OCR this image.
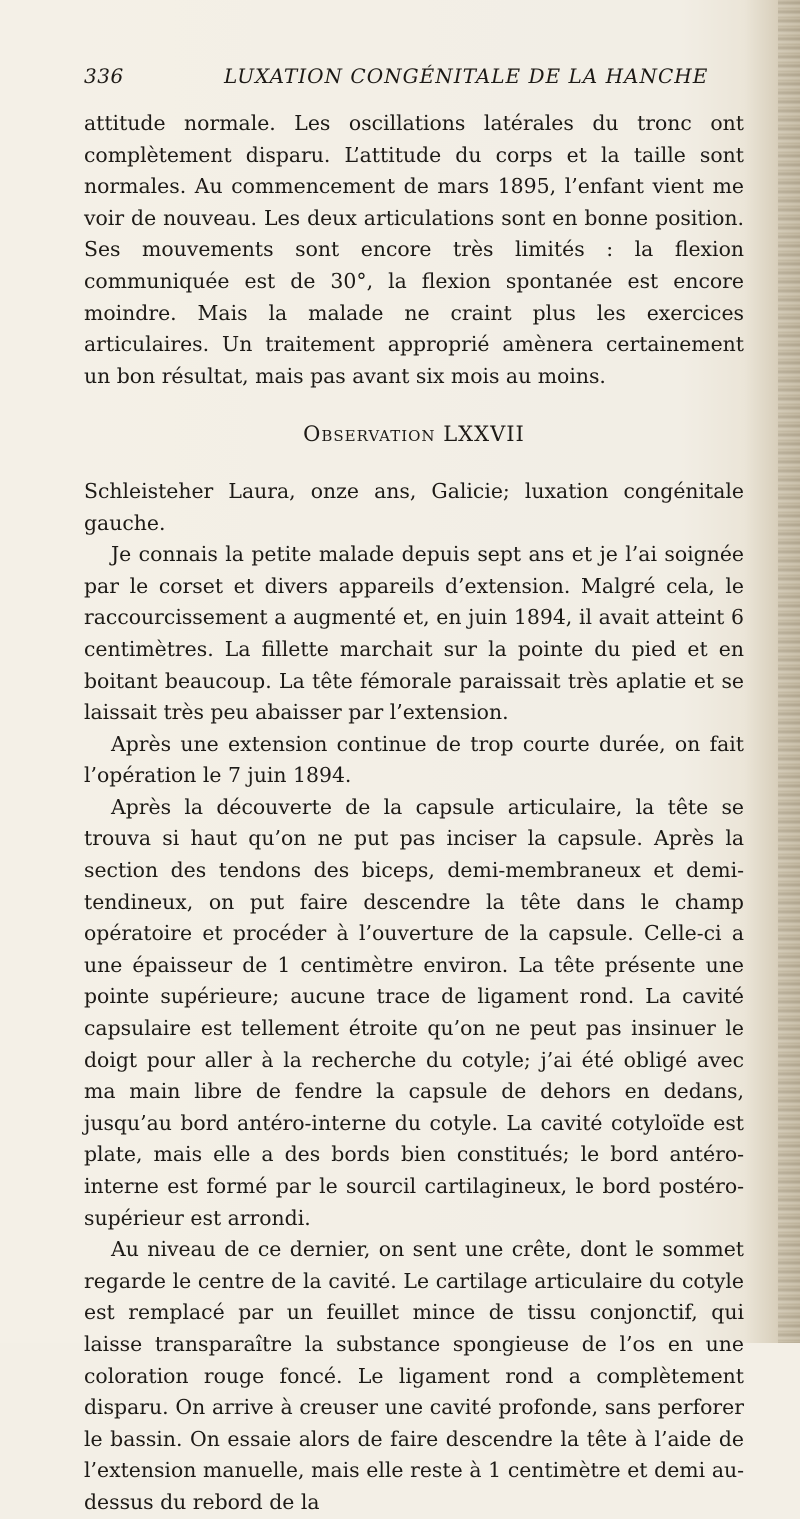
336	LUXATION CONGÉNITALE DE LA HANCHE

attitude normale. Les oscillations latérales du tronc ont complètement disparu. L’attitude du corps et la taille sont normales. Au commencement de mars 1895, l’enfant vient me voir de nouveau. Les deux articulations sont en bonne position. Ses mouvements sont encore très limités : la flexion communiquée est de 30°, la flexion spontanée est encore moindre. Mais la malade ne craint plus les exercices articulaires. Un traitement approprié amènera certainement un bon résultat, mais pas avant six mois au moins.

Observation LXXVII

Schleisteher Laura, onze ans, Galicie; luxation congénitale gauche.

Je connais la petite malade depuis sept ans et je l’ai soignée par le corset et divers appareils d’extension. Malgré cela, le raccourcissement a augmenté et, en juin 1894, il avait atteint 6 centimètres. La fillette marchait sur la pointe du pied et en boitant beaucoup. La tête fémorale paraissait très aplatie et se laissait très peu abaisser par l’extension.

Après une extension continue de trop courte durée, on fait l’opération le 7 juin 1894.

Après la découverte de la capsule articulaire, la tête se trouva si haut qu’on ne put pas inciser la capsule. Après la section des tendons des biceps, demi-membraneux et demi-tendineux, on put faire descendre la tête dans le champ opératoire et procéder à l’ouverture de la capsule. Celle-ci a une épaisseur de 1 centimètre environ. La tête présente une pointe supérieure; aucune trace de ligament rond. La cavité capsulaire est tellement étroite qu’on ne peut pas insinuer le doigt pour aller à la recherche du cotyle; j’ai été obligé avec ma main libre de fendre la capsule de dehors en dedans, jusqu’au bord antéro-interne du cotyle. La cavité cotyloïde est plate, mais elle a des bords bien constitués; le bord antéro-interne est formé par le sourcil cartilagineux, le bord postéro-supérieur est arrondi.

Au niveau de ce dernier, on sent une crête, dont le sommet regarde le centre de la cavité. Le cartilage articulaire du cotyle est remplacé par un feuillet mince de tissu conjonctif, qui laisse transparaître la substance spongieuse de l’os en une coloration rouge foncé. Le ligament rond a complètement disparu. On arrive à creuser une cavité profonde, sans perforer le bassin. On essaie alors de faire descendre la tête à l’aide de l’extension manuelle, mais elle reste à 1 centimètre et demi au-dessus du rebord de la
